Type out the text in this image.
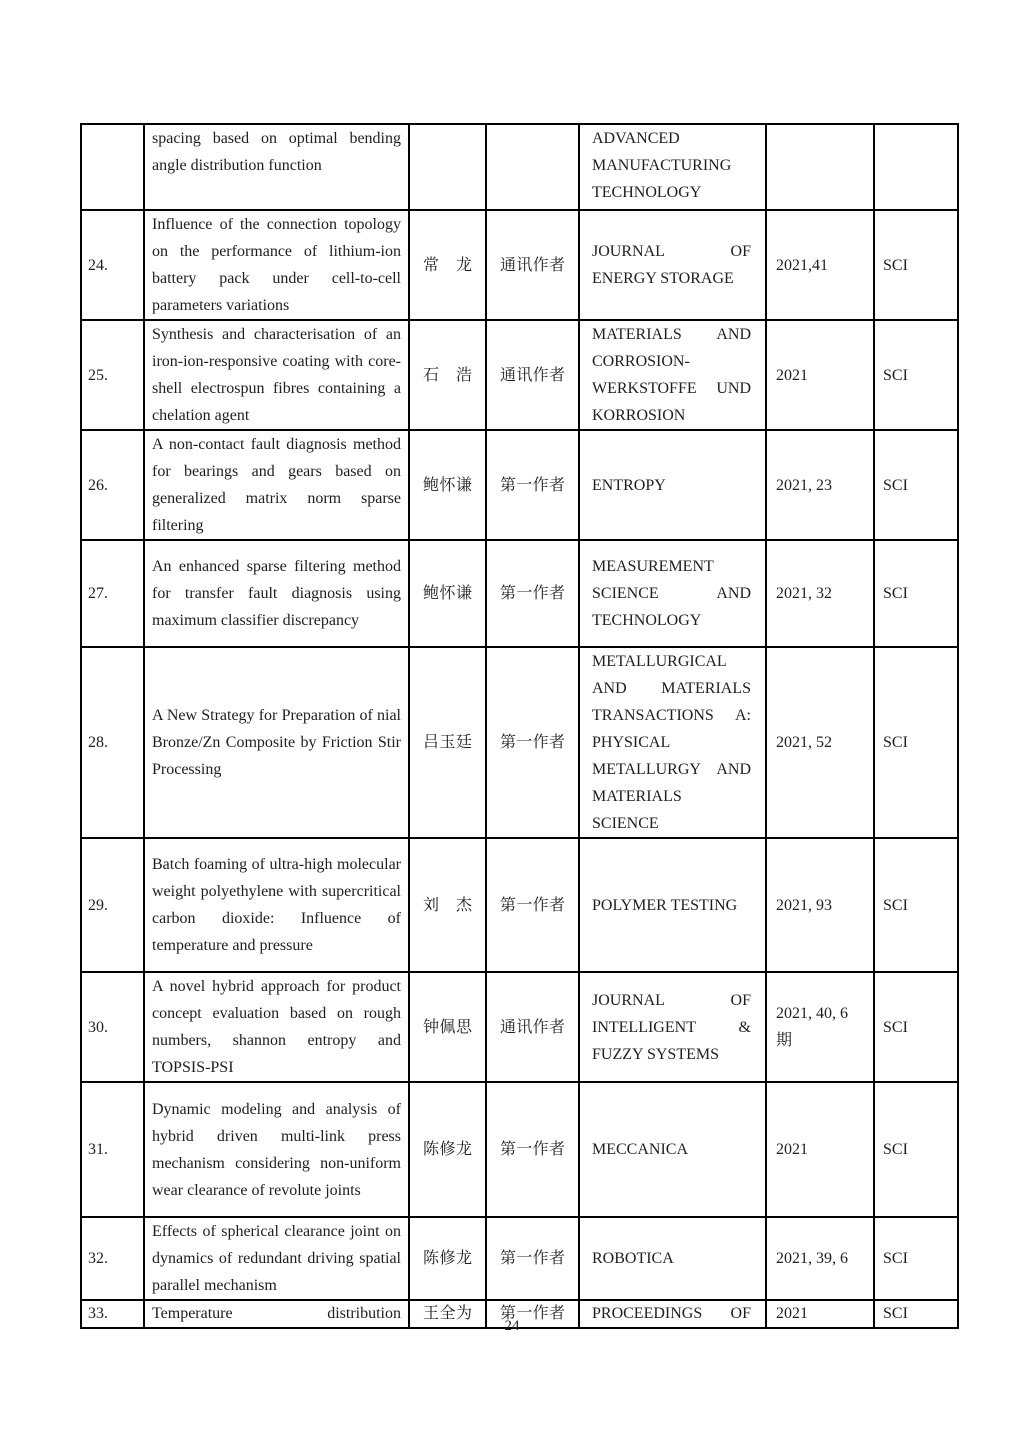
	spacing based on optimal bending angle distribution function			ADVANCED MANUFACTURING TECHNOLOGY		
24.	Influence of the connection topology on the performance of lithium-ion battery pack under cell-to-cell parameters variations	常龙	通讯作者	JOURNAL OF ENERGY STORAGE	2021,41	SCI
25.	Synthesis and characterisation of an iron-ion-responsive coating with core-shell electrospun fibres containing a chelation agent	石浩	通讯作者	MATERIALS AND CORROSION-WERKSTOFFE UND KORROSION	2021	SCI
26.	A non-contact fault diagnosis method for bearings and gears based on generalized matrix norm sparse filtering	鲍怀谦	第一作者	ENTROPY	2021, 23	SCI
27.	An enhanced sparse filtering method for transfer fault diagnosis using maximum classifier discrepancy	鲍怀谦	第一作者	MEASUREMENT SCIENCE AND TECHNOLOGY	2021, 32	SCI
28.	A New Strategy for Preparation of nial Bronze/Zn Composite by Friction Stir Processing	吕玉廷	第一作者	METALLURGICAL AND MATERIALS TRANSACTIONS A: PHYSICAL METALLURGY AND MATERIALS SCIENCE	2021, 52	SCI
29.	Batch foaming of ultra-high molecular weight polyethylene with supercritical carbon dioxide: Influence of temperature and pressure	刘杰	第一作者	POLYMER TESTING	2021, 93	SCI
30.	A novel hybrid approach for product concept evaluation based on rough numbers, shannon entropy and TOPSIS-PSI	钟佩思	通讯作者	JOURNAL OF INTELLIGENT & FUZZY SYSTEMS	2021, 40, 6 期	SCI
31.	Dynamic modeling and analysis of hybrid driven multi-link press mechanism considering non-uniform wear clearance of revolute joints	陈修龙	第一作者	MECCANICA	2021	SCI
32.	Effects of spherical clearance joint on dynamics of redundant driving spatial parallel mechanism	陈修龙	第一作者	ROBOTICA	2021, 39, 6	SCI
33.	Temperature distribution	王全为	第一作者	PROCEEDINGS OF	2021	SCI
24
